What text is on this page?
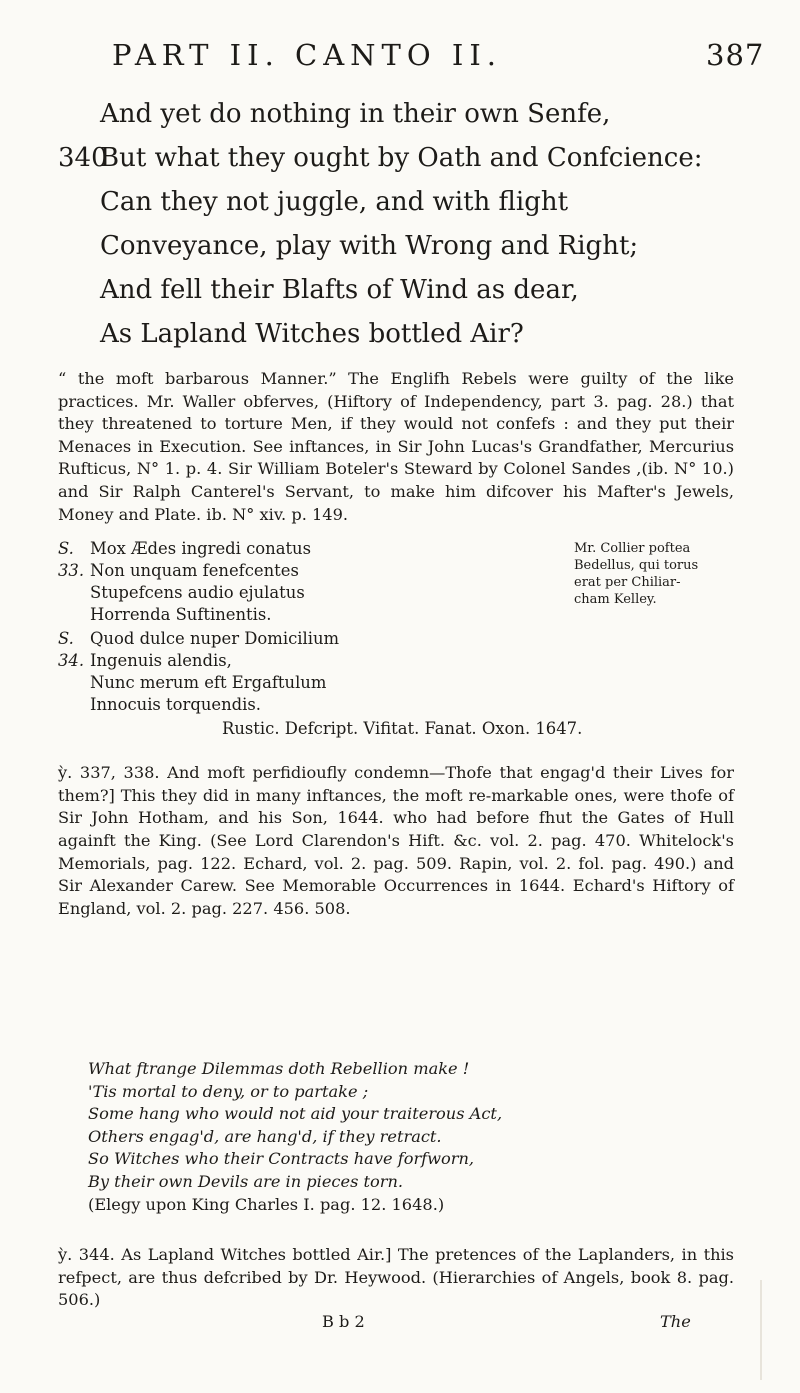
PART II. CANTO II.	387
And yet do nothing in their own Senfe,
340
But what they ought by Oath and Confcience:
Can they not juggle, and with flight
Conveyance, play with Wrong and Right;
And fell their Blafts of Wind as dear,
As Lapland Witches bottled Air?

“ the moft barbarous Manner.” The Englifh Rebels were guilty of the like practices. Mr. Waller obferves, (Hiftory of Independency, part 3. pag. 28.) that they threatened to torture Men, if they would not confefs : and they put their Menaces in Execution. See inftances, in Sir John Lucas's Grandfather, Mercurius Rufticus, N° 1. p. 4. Sir William Boteler's Steward by Colonel Sandes ,(ib. N° 10.) and Sir Ralph Canterel's Servant, to make him difcover his Mafter's Jewels, Money and Plate. ib. N° xiv. p. 149.

S. 33.
Mox Ædes ingredi conatus
Non unquam fenefcentes
Stupefcens audio ejulatus
Horrenda Suftinentis.
Mr. Collier poftea Bedellus, qui torus erat per Chiliar-cham Kelley.
S. 34.
Quod dulce nuper Domicilium
Ingenuis alendis,
Nunc merum eft Ergaftulum
Innocuis torquendis.
Rustic. Defcript. Vifitat. Fanat. Oxon. 1647.

ỳ. 337, 338. And moft perfidioufly condemn—Thofe that engag'd their Lives for them?] This they did in many inftances, the moft re-markable ones, were thofe of Sir John Hotham, and his Son, 1644. who had before fhut the Gates of Hull againft the King. (See Lord Clarendon's Hift. &c. vol. 2. pag. 470. Whitelock's Memorials, pag. 122. Echard, vol. 2. pag. 509. Rapin, vol. 2. fol. pag. 490.) and Sir Alexander Carew. See Memorable Occurrences in 1644. Echard's Hiftory of England, vol. 2. pag. 227. 456. 508.

What ftrange Dilemmas doth Rebellion make !
'Tis mortal to deny, or to partake ;
Some hang who would not aid your traiterous Act,
Others engag'd, are hang'd, if they retract.
So Witches who their Contracts have forfworn,
By their own Devils are in pieces torn.
(Elegy upon King Charles I. pag. 12. 1648.)

ỳ. 344. As Lapland Witches bottled Air.] The pretences of the Laplanders, in this refpect, are thus defcribed by Dr. Heywood. (Hierarchies of Angels, book 8. pag. 506.)

B b 2	The
